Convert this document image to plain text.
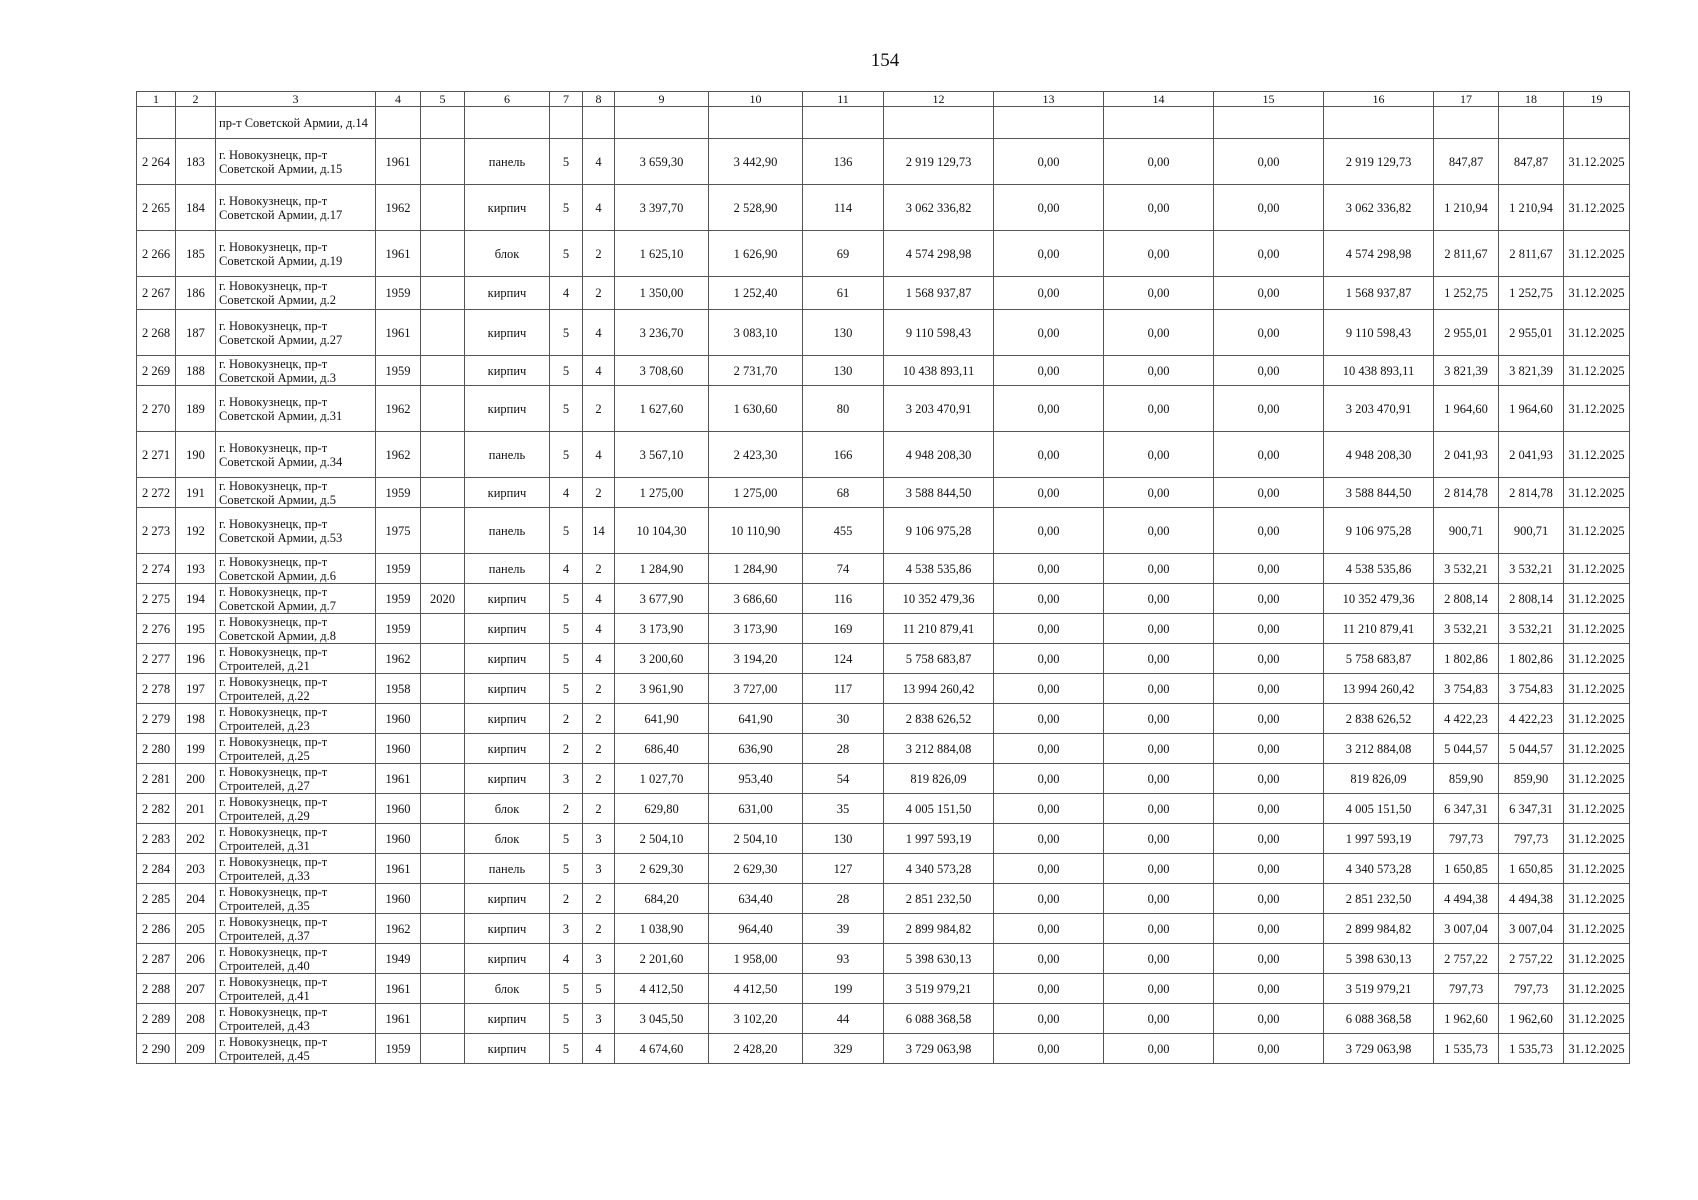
154
1	2	3	4	5	6	7	8	9	10	11	12	13	14	15	16	17	18	19
		пр-т Советской Армии, д.14																
2 264	183	г. Новокузнецк, пр-т Советской Армии, д.15	1961		панель	5	4	3 659,30	3 442,90	136	2 919 129,73	0,00	0,00	0,00	2 919 129,73	847,87	847,87	31.12.2025
2 265	184	г. Новокузнецк, пр-т Советской Армии, д.17	1962		кирпич	5	4	3 397,70	2 528,90	114	3 062 336,82	0,00	0,00	0,00	3 062 336,82	1 210,94	1 210,94	31.12.2025
2 266	185	г. Новокузнецк, пр-т Советской Армии, д.19	1961		блок	5	2	1 625,10	1 626,90	69	4 574 298,98	0,00	0,00	0,00	4 574 298,98	2 811,67	2 811,67	31.12.2025
2 267	186	г. Новокузнецк, пр-т Советской Армии, д.2	1959		кирпич	4	2	1 350,00	1 252,40	61	1 568 937,87	0,00	0,00	0,00	1 568 937,87	1 252,75	1 252,75	31.12.2025
2 268	187	г. Новокузнецк, пр-т Советской Армии, д.27	1961		кирпич	5	4	3 236,70	3 083,10	130	9 110 598,43	0,00	0,00	0,00	9 110 598,43	2 955,01	2 955,01	31.12.2025
2 269	188	г. Новокузнецк, пр-т Советской Армии, д.3	1959		кирпич	5	4	3 708,60	2 731,70	130	10 438 893,11	0,00	0,00	0,00	10 438 893,11	3 821,39	3 821,39	31.12.2025
2 270	189	г. Новокузнецк, пр-т Советской Армии, д.31	1962		кирпич	5	2	1 627,60	1 630,60	80	3 203 470,91	0,00	0,00	0,00	3 203 470,91	1 964,60	1 964,60	31.12.2025
2 271	190	г. Новокузнецк, пр-т Советской Армии, д.34	1962		панель	5	4	3 567,10	2 423,30	166	4 948 208,30	0,00	0,00	0,00	4 948 208,30	2 041,93	2 041,93	31.12.2025
2 272	191	г. Новокузнецк, пр-т Советской Армии, д.5	1959		кирпич	4	2	1 275,00	1 275,00	68	3 588 844,50	0,00	0,00	0,00	3 588 844,50	2 814,78	2 814,78	31.12.2025
2 273	192	г. Новокузнецк, пр-т Советской Армии, д.53	1975		панель	5	14	10 104,30	10 110,90	455	9 106 975,28	0,00	0,00	0,00	9 106 975,28	900,71	900,71	31.12.2025
2 274	193	г. Новокузнецк, пр-т Советской Армии, д.6	1959		панель	4	2	1 284,90	1 284,90	74	4 538 535,86	0,00	0,00	0,00	4 538 535,86	3 532,21	3 532,21	31.12.2025
2 275	194	г. Новокузнецк, пр-т Советской Армии, д.7	1959	2020	кирпич	5	4	3 677,90	3 686,60	116	10 352 479,36	0,00	0,00	0,00	10 352 479,36	2 808,14	2 808,14	31.12.2025
2 276	195	г. Новокузнецк, пр-т Советской Армии, д.8	1959		кирпич	5	4	3 173,90	3 173,90	169	11 210 879,41	0,00	0,00	0,00	11 210 879,41	3 532,21	3 532,21	31.12.2025
2 277	196	г. Новокузнецк, пр-т Строителей, д.21	1962		кирпич	5	4	3 200,60	3 194,20	124	5 758 683,87	0,00	0,00	0,00	5 758 683,87	1 802,86	1 802,86	31.12.2025
2 278	197	г. Новокузнецк, пр-т Строителей, д.22	1958		кирпич	5	2	3 961,90	3 727,00	117	13 994 260,42	0,00	0,00	0,00	13 994 260,42	3 754,83	3 754,83	31.12.2025
2 279	198	г. Новокузнецк, пр-т Строителей, д.23	1960		кирпич	2	2	641,90	641,90	30	2 838 626,52	0,00	0,00	0,00	2 838 626,52	4 422,23	4 422,23	31.12.2025
2 280	199	г. Новокузнецк, пр-т Строителей, д.25	1960		кирпич	2	2	686,40	636,90	28	3 212 884,08	0,00	0,00	0,00	3 212 884,08	5 044,57	5 044,57	31.12.2025
2 281	200	г. Новокузнецк, пр-т Строителей, д.27	1961		кирпич	3	2	1 027,70	953,40	54	819 826,09	0,00	0,00	0,00	819 826,09	859,90	859,90	31.12.2025
2 282	201	г. Новокузнецк, пр-т Строителей, д.29	1960		блок	2	2	629,80	631,00	35	4 005 151,50	0,00	0,00	0,00	4 005 151,50	6 347,31	6 347,31	31.12.2025
2 283	202	г. Новокузнецк, пр-т Строителей, д.31	1960		блок	5	3	2 504,10	2 504,10	130	1 997 593,19	0,00	0,00	0,00	1 997 593,19	797,73	797,73	31.12.2025
2 284	203	г. Новокузнецк, пр-т Строителей, д.33	1961		панель	5	3	2 629,30	2 629,30	127	4 340 573,28	0,00	0,00	0,00	4 340 573,28	1 650,85	1 650,85	31.12.2025
2 285	204	г. Новокузнецк, пр-т Строителей, д.35	1960		кирпич	2	2	684,20	634,40	28	2 851 232,50	0,00	0,00	0,00	2 851 232,50	4 494,38	4 494,38	31.12.2025
2 286	205	г. Новокузнецк, пр-т Строителей, д.37	1962		кирпич	3	2	1 038,90	964,40	39	2 899 984,82	0,00	0,00	0,00	2 899 984,82	3 007,04	3 007,04	31.12.2025
2 287	206	г. Новокузнецк, пр-т Строителей, д.40	1949		кирпич	4	3	2 201,60	1 958,00	93	5 398 630,13	0,00	0,00	0,00	5 398 630,13	2 757,22	2 757,22	31.12.2025
2 288	207	г. Новокузнецк, пр-т Строителей, д.41	1961		блок	5	5	4 412,50	4 412,50	199	3 519 979,21	0,00	0,00	0,00	3 519 979,21	797,73	797,73	31.12.2025
2 289	208	г. Новокузнецк, пр-т Строителей, д.43	1961		кирпич	5	3	3 045,50	3 102,20	44	6 088 368,58	0,00	0,00	0,00	6 088 368,58	1 962,60	1 962,60	31.12.2025
2 290	209	г. Новокузнецк, пр-т Строителей, д.45	1959		кирпич	5	4	4 674,60	2 428,20	329	3 729 063,98	0,00	0,00	0,00	3 729 063,98	1 535,73	1 535,73	31.12.2025
